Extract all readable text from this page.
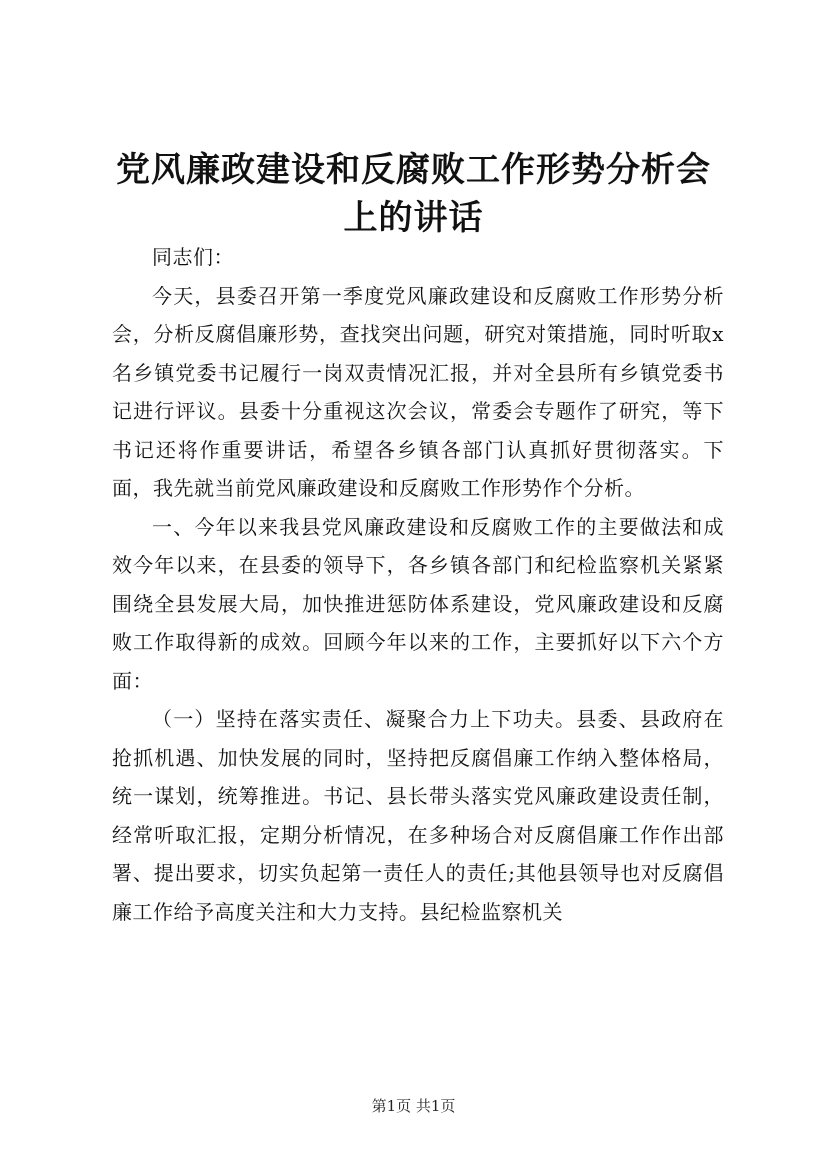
党风廉政建设和反腐败工作形势分析会上的讲话

同志们：

今天，县委召开第一季度党风廉政建设和反腐败工作形势分析会，分析反腐倡廉形势，查找突出问题，研究对策措施，同时听取x名乡镇党委书记履行一岗双责情况汇报，并对全县所有乡镇党委书记进行评议。县委十分重视这次会议，常委会专题作了研究，等下书记还将作重要讲话，希望各乡镇各部门认真抓好贯彻落实。下面，我先就当前党风廉政建设和反腐败工作形势作个分析。

一、今年以来我县党风廉政建设和反腐败工作的主要做法和成效今年以来，在县委的领导下，各乡镇各部门和纪检监察机关紧紧围绕全县发展大局，加快推进惩防体系建设，党风廉政建设和反腐败工作取得新的成效。回顾今年以来的工作，主要抓好以下六个方面：

（一）坚持在落实责任、凝聚合力上下功夫。县委、县政府在抢抓机遇、加快发展的同时，坚持把反腐倡廉工作纳入整体格局，统一谋划，统筹推进。书记、县长带头落实党风廉政建设责任制，经常听取汇报，定期分析情况，在多种场合对反腐倡廉工作作出部署、提出要求，切实负起第一责任人的责任;其他县领导也对反腐倡廉工作给予高度关注和大力支持。县纪检监察机关

第1页 共1页
